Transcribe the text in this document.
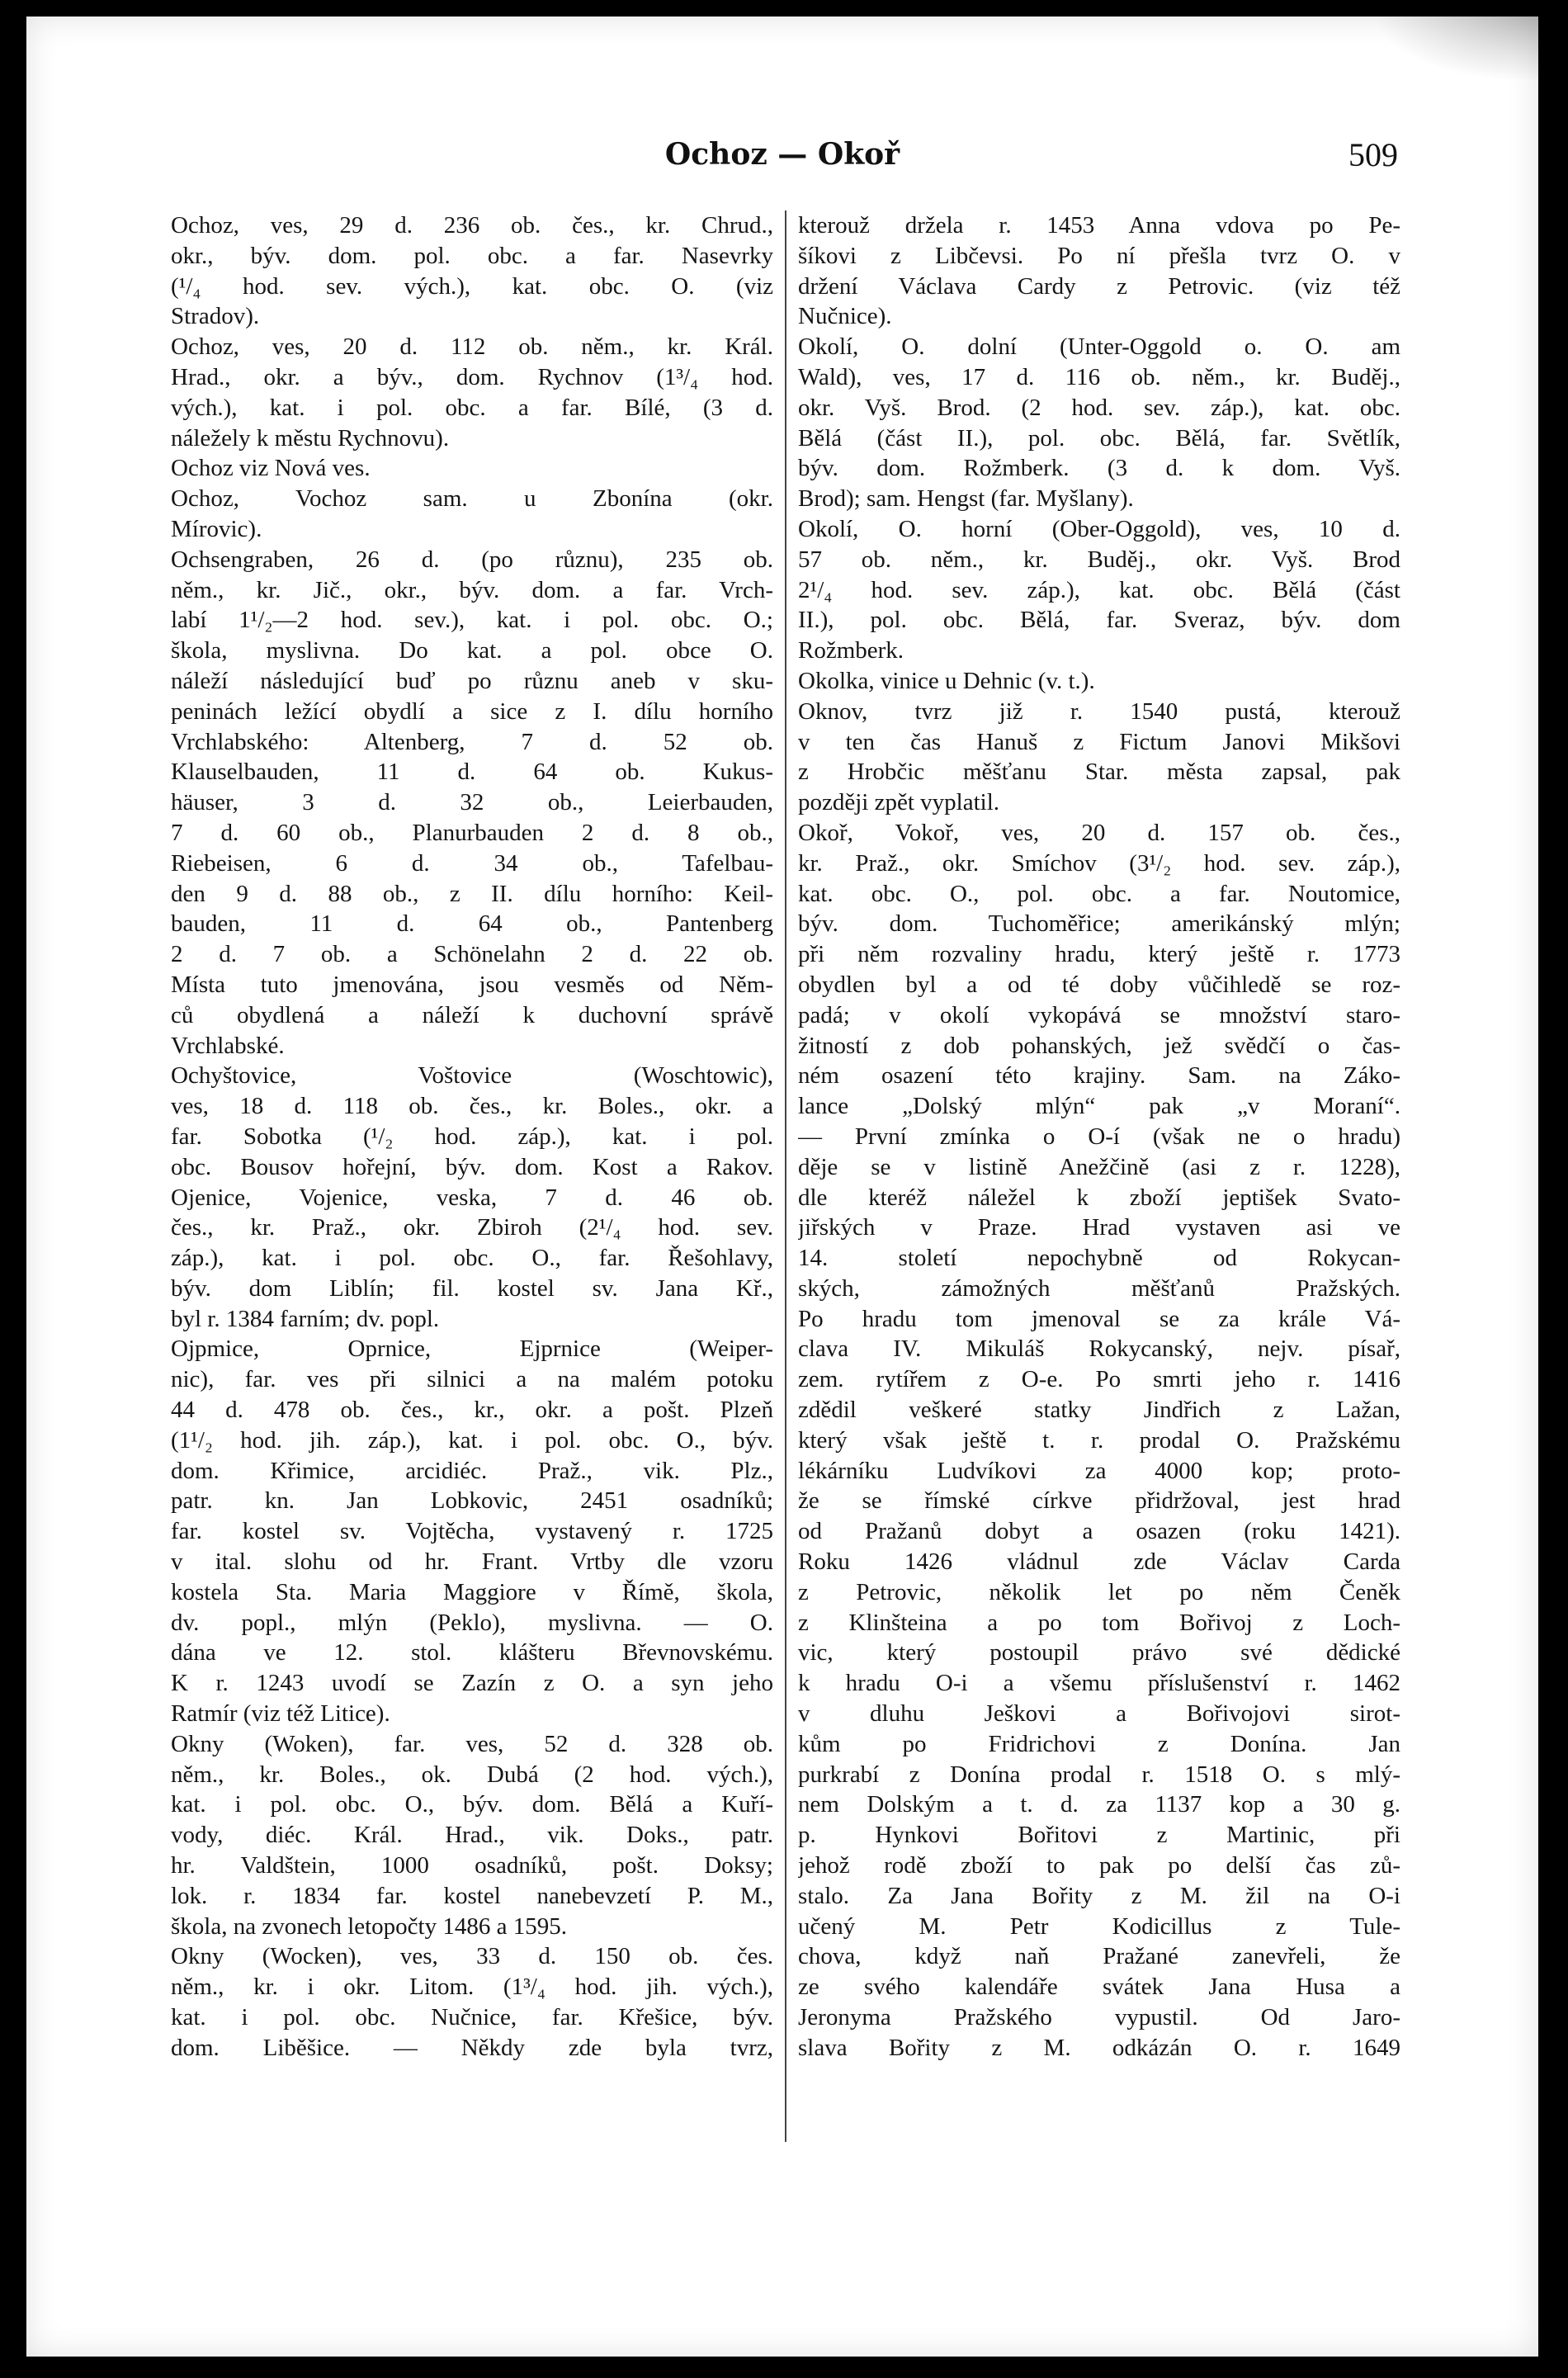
Ochoz — Okoř	509
Ochoz, ves, 29 d. 236 ob. čes., kr. Chrud.,
okr., býv. dom. pol. obc. a far. Nasevrky
(¹/₄ hod. sev. vých.), kat. obc. O. (viz
Stradov).
Ochoz, ves, 20 d. 112 ob. něm., kr. Král.
Hrad., okr. a býv., dom. Rychnov (1³/₄ hod.
vých.), kat. i pol. obc. a far. Bílé, (3 d.
náležely k městu Rychnovu).
Ochoz viz Nová ves.
Ochoz, Vochoz sam. u Zbonína (okr.
Mírovic).
Ochsengraben, 26 d. (po různu), 235 ob.
něm., kr. Jič., okr., býv. dom. a far. Vrch-
labí 1¹/₂—2 hod. sev.), kat. i pol. obc. O.;
škola, myslivna. Do kat. a pol. obce O.
náleží následující buď po různu aneb v sku-
peninách ležící obydlí a sice z I. dílu horního
Vrchlabského: Altenberg, 7 d. 52 ob.
Klauselbauden, 11 d. 64 ob. Kukus-
häuser, 3 d. 32 ob., Leierbauden,
7 d. 60 ob., Planurbauden 2 d. 8 ob.,
Riebeisen, 6 d. 34 ob., Tafelbau-
den 9 d. 88 ob., z II. dílu horního: Keil-
bauden, 11 d. 64 ob., Pantenberg
2 d. 7 ob. a Schönelahn 2 d. 22 ob.
Místa tuto jmenována, jsou vesměs od Něm-
ců obydlená a náleží k duchovní správě
Vrchlabské.
Ochyštovice, Voštovice (Woschtowic),
ves, 18 d. 118 ob. čes., kr. Boles., okr. a
far. Sobotka (¹/₂ hod. záp.), kat. i pol.
obc. Bousov hořejní, býv. dom. Kost a Rakov.
Ojenice, Vojenice, veska, 7 d. 46 ob.
čes., kr. Praž., okr. Zbiroh (2¹/₄ hod. sev.
záp.), kat. i pol. obc. O., far. Řešohlavy,
býv. dom Liblín; fil. kostel sv. Jana Kř.,
byl r. 1384 farním; dv. popl.
Ojpmice, Oprnice, Ejprnice (Weiper-
nic), far. ves při silnici a na malém potoku
44 d. 478 ob. čes., kr., okr. a pošt. Plzeň
(1¹/₂ hod. jih. záp.), kat. i pol. obc. O., býv.
dom. Křimice, arcidiéc. Praž., vik. Plz.,
patr. kn. Jan Lobkovic, 2451 osadníků;
far. kostel sv. Vojtěcha, vystavený r. 1725
v ital. slohu od hr. Frant. Vrtby dle vzoru
kostela Sta. Maria Maggiore v Římě, škola,
dv. popl., mlýn (Peklo), myslivna. — O.
dána ve 12. stol. klášteru Břevnovskému.
K r. 1243 uvodí se Zazín z O. a syn jeho
Ratmír (viz též Litice).
Okny (Woken), far. ves, 52 d. 328 ob.
něm., kr. Boles., ok. Dubá (2 hod. vých.),
kat. i pol. obc. O., býv. dom. Bělá a Kuří-
vody, diéc. Král. Hrad., vik. Doks., patr.
hr. Valdštein, 1000 osadníků, pošt. Doksy;
lok. r. 1834 far. kostel nanebevzetí P. M.,
škola, na zvonech letopočty 1486 a 1595.
Okny (Wocken), ves, 33 d. 150 ob. čes.
něm., kr. i okr. Litom. (1³/₄ hod. jih. vých.),
kat. i pol. obc. Nučnice, far. Křešice, býv.
dom. Liběšice. — Někdy zde byla tvrz,
kterouž držela r. 1453 Anna vdova po Pe-
šíkovi z Libčevsi. Po ní přešla tvrz O. v
držení Václava Cardy z Petrovic. (viz též
Nučnice).
Okolí, O. dolní (Unter-Oggold o. O. am
Wald), ves, 17 d. 116 ob. něm., kr. Buděj.,
okr. Vyš. Brod. (2 hod. sev. záp.), kat. obc.
Bělá (část II.), pol. obc. Bělá, far. Světlík,
býv. dom. Rožmberk. (3 d. k dom. Vyš.
Brod); sam. Hengst (far. Myšlany).
Okolí, O. horní (Ober-Oggold), ves, 10 d.
57 ob. něm., kr. Buděj., okr. Vyš. Brod
2¹/₄ hod. sev. záp.), kat. obc. Bělá (část
II.), pol. obc. Bělá, far. Sveraz, býv. dom
Rožmberk.
Okolka, vinice u Dehnic (v. t.).
Oknov, tvrz již r. 1540 pustá, kterouž
v ten čas Hanuš z Fictum Janovi Mikšovi
z Hrobčic měšťanu Star. města zapsal, pak
později zpět vyplatil.
Okoř, Vokoř, ves, 20 d. 157 ob. čes.,
kr. Praž., okr. Smíchov (3¹/₂ hod. sev. záp.),
kat. obc. O., pol. obc. a far. Noutomice,
býv. dom. Tuchoměřice; amerikánský mlýn;
při něm rozvaliny hradu, který ještě r. 1773
obydlen byl a od té doby vůčihledě se roz-
padá; v okolí vykopává se množství staro-
žitností z dob pohanských, jež svědčí o čas-
ném osazení této krajiny. Sam. na Záko-
lance „Dolský mlýn“ pak „v Moraní“.
— První zmínka o O-í (však ne o hradu)
děje se v listině Anežčině (asi z r. 1228),
dle kteréž náležel k zboží jeptišek Svato-
jiřských v Praze. Hrad vystaven asi ve
14. století nepochybně od Rokycan-
ských, zámožných měšťanů Pražských.
Po hradu tom jmenoval se za krále Vá-
clava IV. Mikuláš Rokycanský, nejv. písař,
zem. rytířem z O-e. Po smrti jeho r. 1416
zdědil veškeré statky Jindřich z Lažan,
který však ještě t. r. prodal O. Pražskému
lékárníku Ludvíkovi za 4000 kop; proto-
že se římské církve přidržoval, jest hrad
od Pražanů dobyt a osazen (roku 1421).
Roku 1426 vládnul zde Václav Carda
z Petrovic, několik let po něm Čeněk
z Klinšteina a po tom Bořivoj z Loch-
vic, který postoupil právo své dědické
k hradu O-i a všemu příslušenství r. 1462
v dluhu Ješkovi a Bořivojovi sirot-
kům po Fridrichovi z Donína. Jan
purkrabí z Donína prodal r. 1518 O. s mlý-
nem Dolským a t. d. za 1137 kop a 30 g.
p. Hynkovi Bořitovi z Martinic, při
jehož rodě zboží to pak po delší čas zů-
stalo. Za Jana Bořity z M. žil na O-i
učený M. Petr Kodicillus z Tule-
chova, když naň Pražané zanevřeli, že
ze svého kalendáře svátek Jana Husa a
Jeronyma Pražského vypustil. Od Jaro-
slava Bořity z M. odkázán O. r. 1649
